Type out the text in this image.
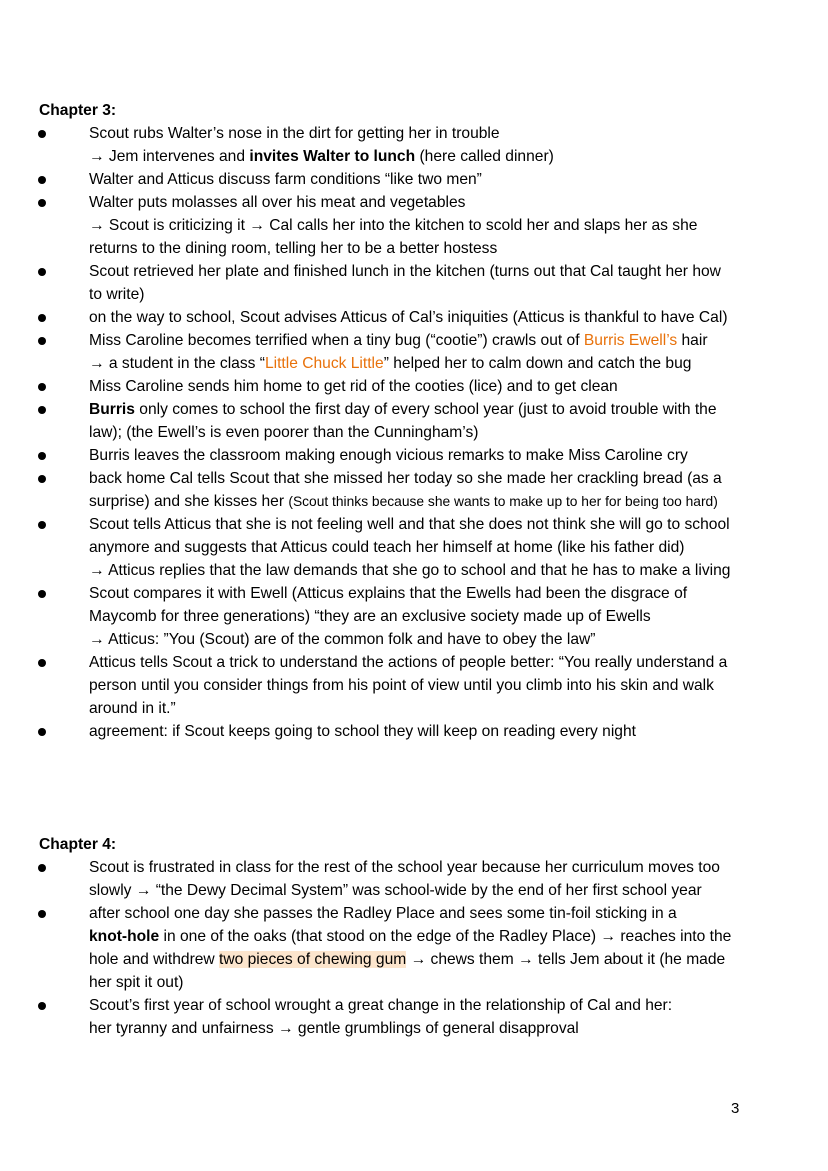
Chapter 3:
Scout rubs Walter’s nose in the dirt for getting her in trouble
→ Jem intervenes and invites Walter to lunch (here called dinner)
Walter and Atticus discuss farm conditions “like two men”
Walter puts molasses all over his meat and vegetables
→ Scout is criticizing it → Cal calls her into the kitchen to scold her and slaps her as she
returns to the dining room, telling her to be a better hostess
Scout retrieved her plate and finished lunch in the kitchen (turns out that Cal taught her how
to write)
on the way to school, Scout advises Atticus of Cal’s iniquities (Atticus is thankful to have Cal)
Miss Caroline becomes terrified when a tiny bug (“cootie”) crawls out of Burris Ewell’s hair
→ a student in the class “Little Chuck Little” helped her to calm down and catch the bug
Miss Caroline sends him home to get rid of the cooties (lice) and to get clean
Burris only comes to school the first day of every school year (just to avoid trouble with the
law); (the Ewell’s is even poorer than the Cunningham’s)
Burris leaves the classroom making enough vicious remarks to make Miss Caroline cry
back home Cal tells Scout that she missed her today so she made her crackling bread (as a
surprise) and she kisses her (Scout thinks because she wants to make up to her for being too hard)
Scout tells Atticus that she is not feeling well and that she does not think she will go to school
anymore and suggests that Atticus could teach her himself at home (like his father did)
→ Atticus replies that the law demands that she go to school and that he has to make a living
Scout compares it with Ewell (Atticus explains that the Ewells had been the disgrace of
Maycomb for three generations) “they are an exclusive society made up of Ewells
→ Atticus: ”You (Scout) are of the common folk and have to obey the law”
Atticus tells Scout a trick to understand the actions of people better: “You really understand a
person until you consider things from his point of view until you climb into his skin and walk
around in it.”
agreement: if Scout keeps going to school they will keep on reading every night
Chapter 4:
Scout is frustrated in class for the rest of the school year because her curriculum moves too
slowly → “the Dewy Decimal System” was school-wide by the end of her first school year
after school one day she passes the Radley Place and sees some tin-foil sticking in a
knot-hole in one of the oaks (that stood on the edge of the Radley Place) → reaches into the
hole and withdrew two pieces of chewing gum → chews them → tells Jem about it (he made
her spit it out)
Scout’s first year of school wrought a great change in the relationship of Cal and her:
her tyranny and unfairness → gentle grumblings of general disapproval
3
